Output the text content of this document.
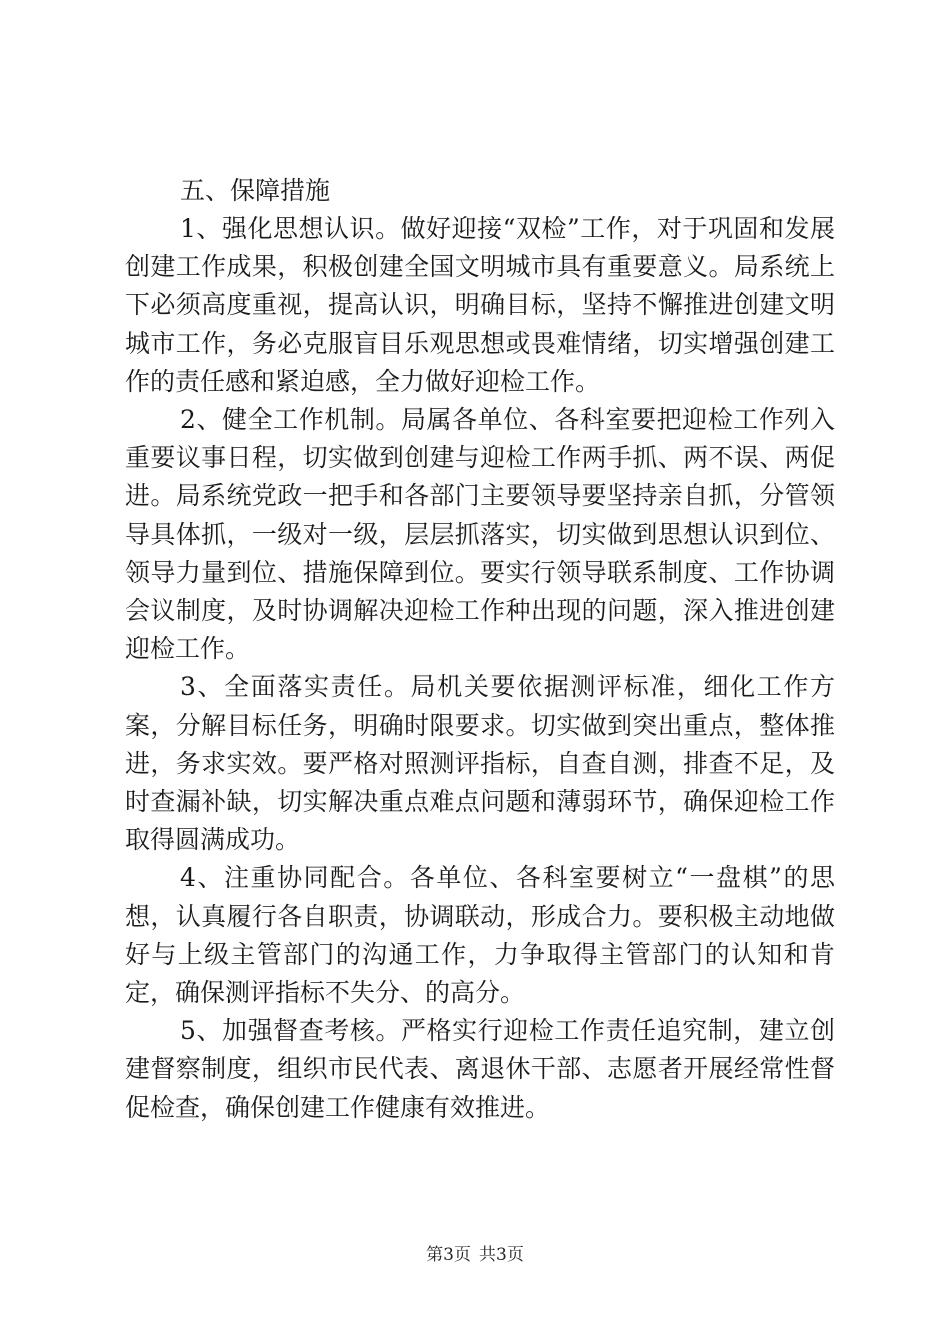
五、保障措施

1、强化思想认识。做好迎接“双检”工作，对于巩固和发展创建工作成果，积极创建全国文明城市具有重要意义。局系统上下必须高度重视，提高认识，明确目标，坚持不懈推进创建文明城市工作，务必克服盲目乐观思想或畏难情绪，切实增强创建工作的责任感和紧迫感，全力做好迎检工作。

2、健全工作机制。局属各单位、各科室要把迎检工作列入重要议事日程，切实做到创建与迎检工作两手抓、两不误、两促进。局系统党政一把手和各部门主要领导要坚持亲自抓，分管领导具体抓，一级对一级，层层抓落实，切实做到思想认识到位、领导力量到位、措施保障到位。要实行领导联系制度、工作协调会议制度，及时协调解决迎检工作种出现的问题，深入推进创建迎检工作。

3、全面落实责任。局机关要依据测评标准，细化工作方案，分解目标任务，明确时限要求。切实做到突出重点，整体推进，务求实效。要严格对照测评指标，自查自测，排查不足，及时查漏补缺，切实解决重点难点问题和薄弱环节，确保迎检工作取得圆满成功。

4、注重协同配合。各单位、各科室要树立“一盘棋”的思想，认真履行各自职责，协调联动，形成合力。要积极主动地做好与上级主管部门的沟通工作，力争取得主管部门的认知和肯定，确保测评指标不失分、的高分。

5、加强督查考核。严格实行迎检工作责任追究制，建立创建督察制度，组织市民代表、离退休干部、志愿者开展经常性督促检查，确保创建工作健康有效推进。

第3页 共3页
